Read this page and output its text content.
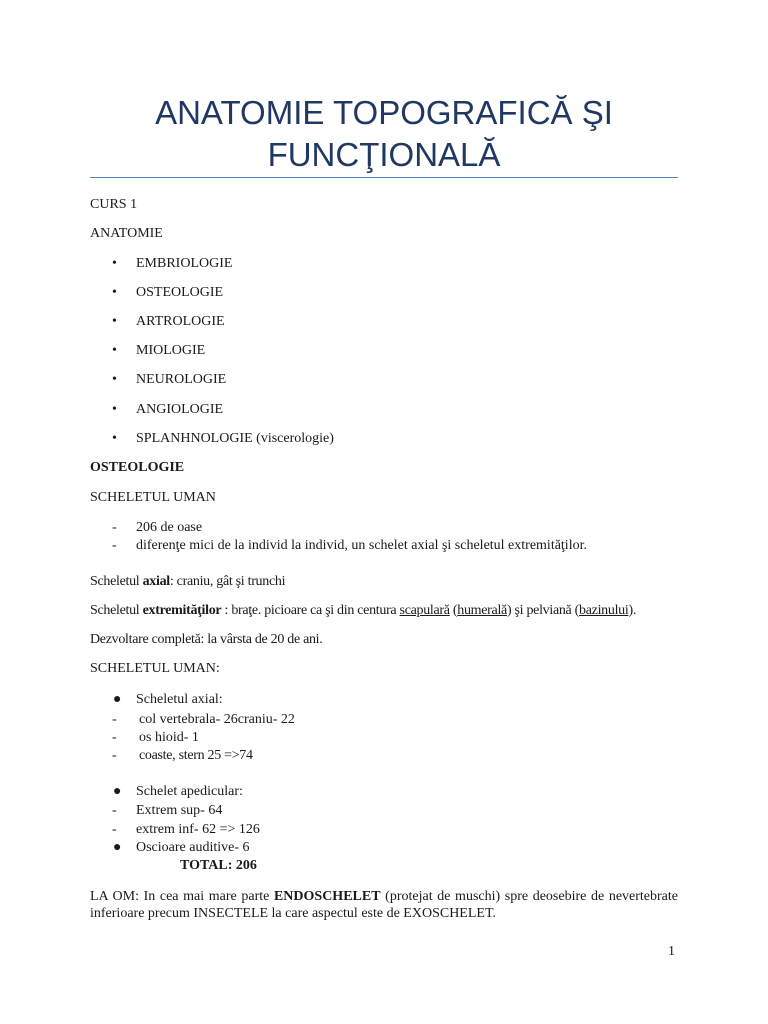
ANATOMIE TOPOGRAFICĂ ŞI
FUNCŢIONALĂ
CURS 1
ANATOMIE
• EMBRIOLOGIE
• OSTEOLOGIE
• ARTROLOGIE
• MIOLOGIE
• NEUROLOGIE
• ANGIOLOGIE
• SPLANHNOLOGIE (viscerologie)
OSTEOLOGIE
SCHELETUL UMAN
- 206 de oase
- diferenţe mici de la individ la individ, un schelet axial şi scheletul extremităţilor.
Scheletul axial: craniu, gât şi trunchi
Scheletul extremităţilor : braţe. picioare ca şi din centura scapulară (humerală) şi pelviană (bazinului).
Dezvoltare completă: la vârsta de 20 de ani.
SCHELETUL UMAN:
● Scheletul axial:
- col vertebrala- 26craniu- 22
- os hioid- 1
- coaste, stern 25 =>74
● Schelet apedicular:
- Extrem sup- 64
- extrem inf- 62 => 126
● Oscioare auditive- 6
TOTAL: 206
LA OM: In cea mai mare parte ENDOSCHELET (protejat de muschi) spre deosebire de nevertebrate inferioare precum INSECTELE la care aspectul este de EXOSCHELET.
1
